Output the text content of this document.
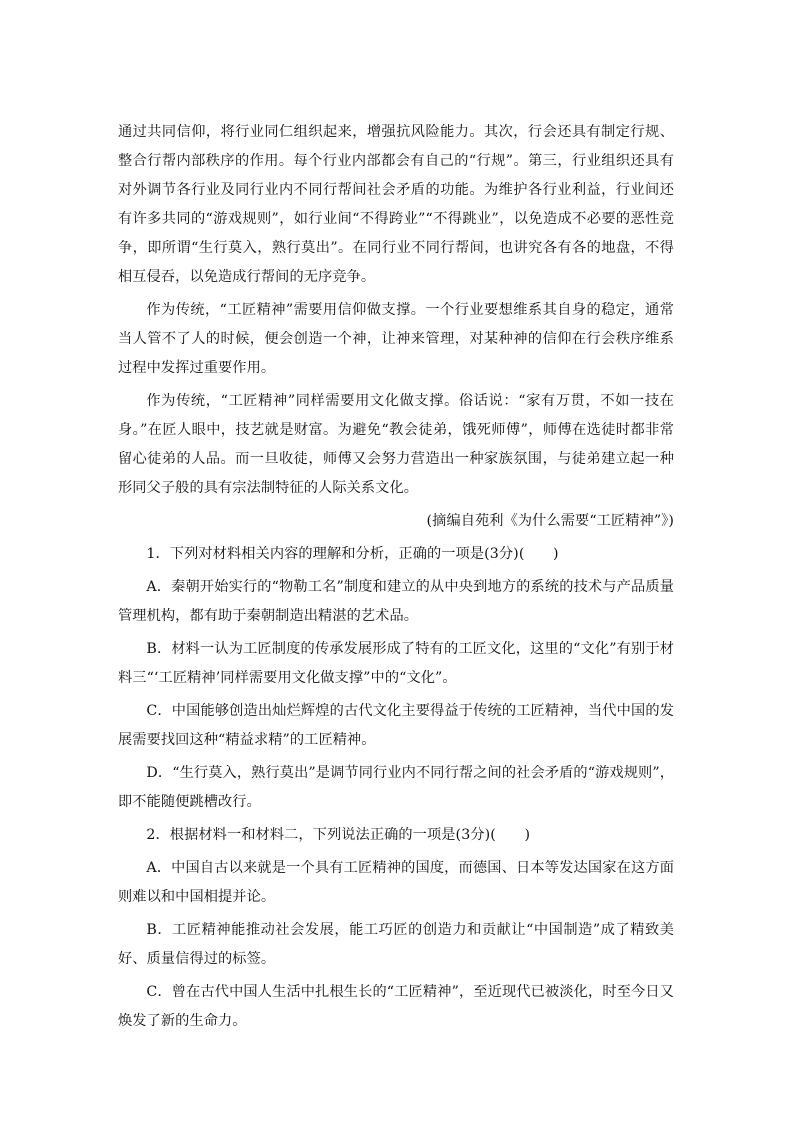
通过共同信仰，将行业同仁组织起来，增强抗风险能力。其次，行会还具有制定行规、整合行帮内部秩序的作用。每个行业内部都会有自己的“行规”。第三，行业组织还具有对外调节各行业及同行业内不同行帮间社会矛盾的功能。为维护各行业利益，行业间还有许多共同的“游戏规则”，如行业间“不得跨业”“不得跳业”，以免造成不必要的恶性竞争，即所谓“生行莫入，熟行莫出”。在同行业不同行帮间，也讲究各有各的地盘，不得相互侵吞，以免造成行帮间的无序竞争。

作为传统，“工匠精神”需要用信仰做支撑。一个行业要想维系其自身的稳定，通常当人管不了人的时候，便会创造一个神，让神来管理，对某种神的信仰在行会秩序维系过程中发挥过重要作用。

作为传统，“工匠精神”同样需要用文化做支撑。俗话说：“家有万贯，不如一技在身。”在匠人眼中，技艺就是财富。为避免“教会徒弟，饿死师傅”，师傅在选徒时都非常留心徒弟的人品。而一旦收徒，师傅又会努力营造出一种家族氛围，与徒弟建立起一种形同父子般的具有宗法制特征的人际关系文化。

(摘编自苑利《为什么需要“工匠精神”》)

1．下列对材料相关内容的理解和分析，正确的一项是(3分)(　　)

A．秦朝开始实行的“物勒工名”制度和建立的从中央到地方的系统的技术与产品质量管理机构，都有助于秦朝制造出精湛的艺术品。

B．材料一认为工匠制度的传承发展形成了特有的工匠文化，这里的“文化”有别于材料三“‘工匠精神’同样需要用文化做支撑”中的“文化”。

C．中国能够创造出灿烂辉煌的古代文化主要得益于传统的工匠精神，当代中国的发展需要找回这种“精益求精”的工匠精神。

D．“生行莫入，熟行莫出”是调节同行业内不同行帮之间的社会矛盾的“游戏规则”，即不能随便跳槽改行。

2．根据材料一和材料二，下列说法正确的一项是(3分)(　　)

A．中国自古以来就是一个具有工匠精神的国度，而德国、日本等发达国家在这方面则难以和中国相提并论。

B．工匠精神能推动社会发展，能工巧匠的创造力和贡献让“中国制造”成了精致美好、质量信得过的标签。

C．曾在古代中国人生活中扎根生长的“工匠精神”，至近现代已被淡化，时至今日又焕发了新的生命力。
